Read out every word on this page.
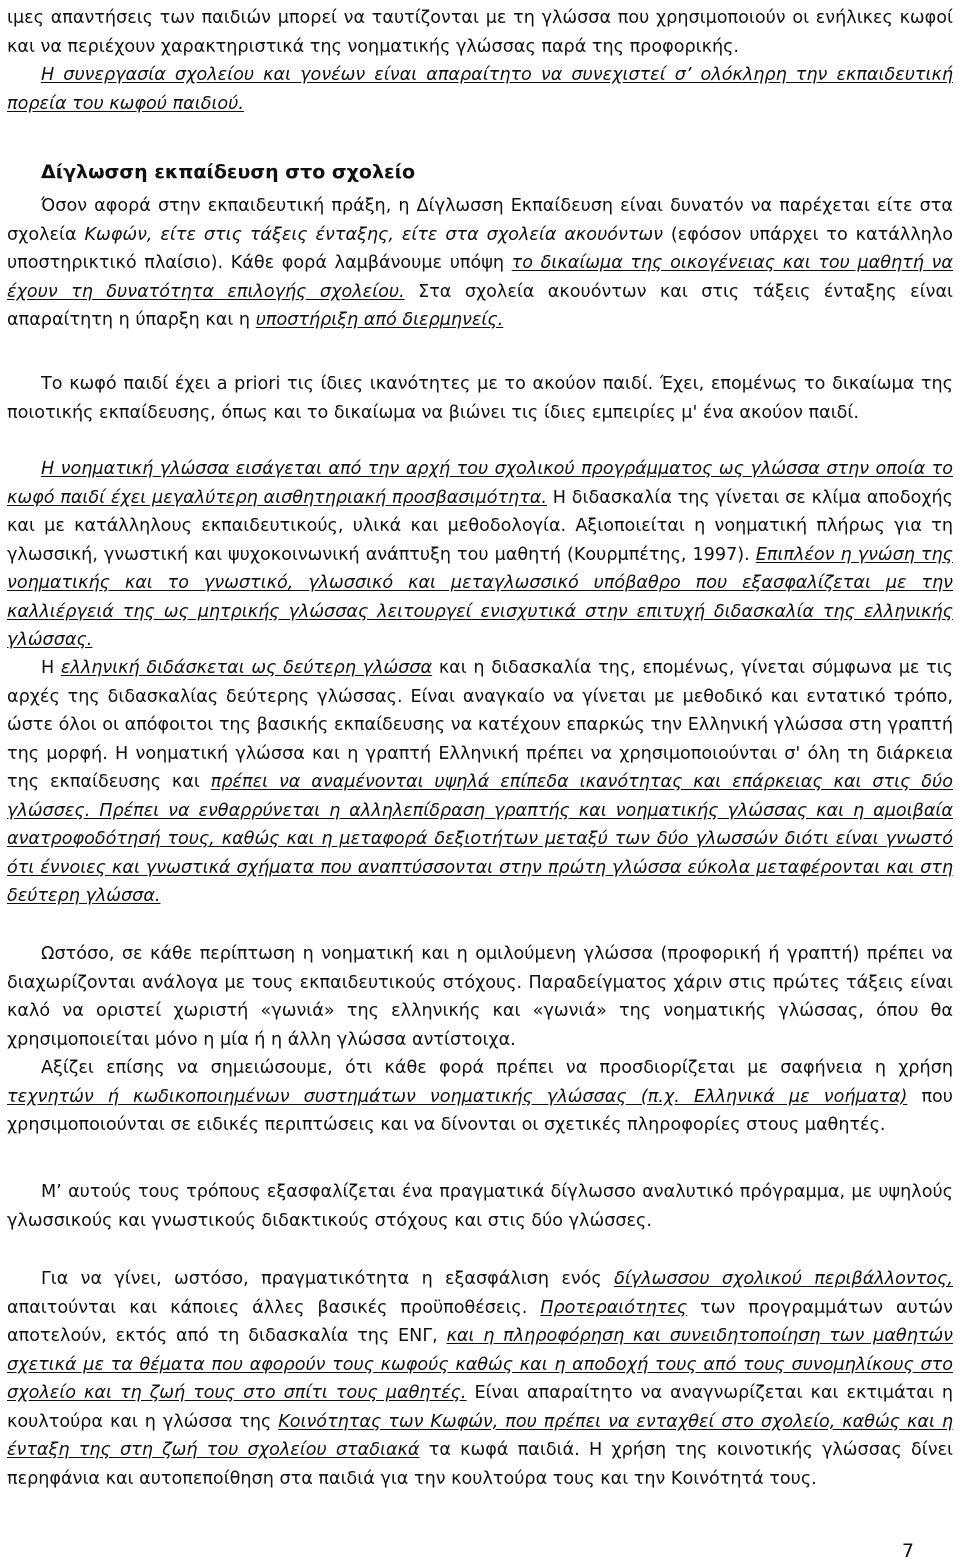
ιμες απαντήσεις των παιδιών μπορεί να ταυτίζονται με τη γλώσσα που χρησιμοποιούν οι ενήλικες κωφοί και να περιέχουν χαρακτηριστικά της νοηματικής γλώσσας παρά της προφορικής.

Η συνεργασία σχολείου και γονέων είναι απαραίτητο να συνεχιστεί σ’ ολόκληρη την εκπαιδευτική πορεία του κωφού παιδιού.

Δίγλωσση εκπαίδευση στο σχολείο

Όσον αφορά στην εκπαιδευτική πράξη, η Δίγλωσση Εκπαίδευση είναι δυνατόν να παρέχεται είτε στα σχολεία Κωφών, είτε στις τάξεις ένταξης, είτε στα σχολεία ακουόντων (εφόσον υπάρχει το κατάλληλο υποστηρικτικό πλαίσιο). Κάθε φορά λαμβάνουμε υπόψη το δικαίωμα της οικογένειας και του μαθητή να έχουν τη δυνατότητα επιλογής σχολείου. Στα σχολεία ακουόντων και στις τάξεις ένταξης είναι απαραίτητη η ύπαρξη και η υποστήριξη από διερμηνείς.

Το κωφό παιδί έχει a priori τις ίδιες ικανότητες με το ακούον παιδί. Έχει, επομένως το δικαίωμα της ποιοτικής εκπαίδευσης, όπως και το δικαίωμα να βιώνει τις ίδιες εμπειρίες μ' ένα ακούον παιδί.

Η νοηματική γλώσσα εισάγεται από την αρχή του σχολικού προγράμματος ως γλώσσα στην οποία το κωφό παιδί έχει μεγαλύτερη αισθητηριακή προσβασιμότητα. Η διδασκαλία της γίνεται σε κλίμα αποδοχής και με κατάλληλους εκπαιδευτικούς, υλικά και μεθοδολογία. Αξιοποιείται η νοηματική πλήρως για τη γλωσσική, γνωστική και ψυχοκοινωνική ανάπτυξη του μαθητή (Κουρμπέτης, 1997). Επιπλέον η γνώση της νοηματικής και το γνωστικό, γλωσσικό και μεταγλωσσικό υπόβαθρο που εξασφαλίζεται με την καλλιέργειά της ως μητρικής γλώσσας λειτουργεί ενισχυτικά στην επιτυχή διδασκαλία της ελληνικής γλώσσας.

Η ελληνική διδάσκεται ως δεύτερη γλώσσα και η διδασκαλία της, επομένως, γίνεται σύμφωνα με τις αρχές της διδασκαλίας δεύτερης γλώσσας. Είναι αναγκαίο να γίνεται με μεθοδικό και εντατικό τρόπο, ώστε όλοι οι απόφοιτοι της βασικής εκπαίδευσης να κατέχουν επαρκώς την Ελληνική γλώσσα στη γραπτή της μορφή. Η νοηματική γλώσσα και η γραπτή Ελληνική πρέπει να χρησιμοποιούνται σ' όλη τη διάρκεια της εκπαίδευσης και πρέπει να αναμένονται υψηλά επίπεδα ικανότητας και επάρκειας και στις δύο γλώσσες. Πρέπει να ενθαρρύνεται η αλληλεπίδραση γραπτής και νοηματικής γλώσσας και η αμοιβαία ανατροφοδότησή τους, καθώς και η μεταφορά δεξιοτήτων μεταξύ των δύο γλωσσών διότι είναι γνωστό ότι έννοιες και γνωστικά σχήματα που αναπτύσσονται στην πρώτη γλώσσα εύκολα μεταφέρονται και στη δεύτερη γλώσσα.

Ωστόσο, σε κάθε περίπτωση η νοηματική και η ομιλούμενη γλώσσα (προφορική ή γραπτή) πρέπει να διαχωρίζονται ανάλογα με τους εκπαιδευτικούς στόχους. Παραδείγματος χάριν στις πρώτες τάξεις είναι καλό να οριστεί χωριστή «γωνιά» της ελληνικής και «γωνιά» της νοηματικής γλώσσας, όπου θα χρησιμοποιείται μόνο η μία ή η άλλη γλώσσα αντίστοιχα.

Αξίζει επίσης να σημειώσουμε, ότι κάθε φορά πρέπει να προσδιορίζεται με σαφήνεια η χρήση τεχνητών ή κωδικοποιημένων συστημάτων νοηματικής γλώσσας (π.χ. Ελληνικά με νοήματα) που χρησιμοποιούνται σε ειδικές περιπτώσεις και να δίνονται οι σχετικές πληροφορίες στους μαθητές.

Μ’ αυτούς τους τρόπους εξασφαλίζεται ένα πραγματικά δίγλωσσο αναλυτικό πρόγραμμα, με υψηλούς γλωσσικούς και γνωστικούς διδακτικούς στόχους και στις δύο γλώσσες.

Για να γίνει, ωστόσο, πραγματικότητα η εξασφάλιση ενός δίγλωσσου σχολικού περιβάλλοντος, απαιτούνται και κάποιες άλλες βασικές προϋποθέσεις. Προτεραιότητες των προγραμμάτων αυτών αποτελούν, εκτός από τη διδασκαλία της ΕΝΓ, και η πληροφόρηση και συνειδητοποίηση των μαθητών σχετικά με τα θέματα που αφορούν τους κωφούς καθώς και η αποδοχή τους από τους συνομηλίκους στο σχολείο και τη ζωή τους στο σπίτι τους μαθητές. Είναι απαραίτητο να αναγνωρίζεται και εκτιμάται η κουλτούρα και η γλώσσα της Κοινότητας των Κωφών, που πρέπει να ενταχθεί στο σχολείο, καθώς και η ένταξη της στη ζωή του σχολείου σταδιακά τα κωφά παιδιά. Η χρήση της κοινοτικής γλώσσας δίνει περηφάνια και αυτοπεποίθηση στα παιδιά για την κουλτούρα τους και την Κοινότητά τους.

7
